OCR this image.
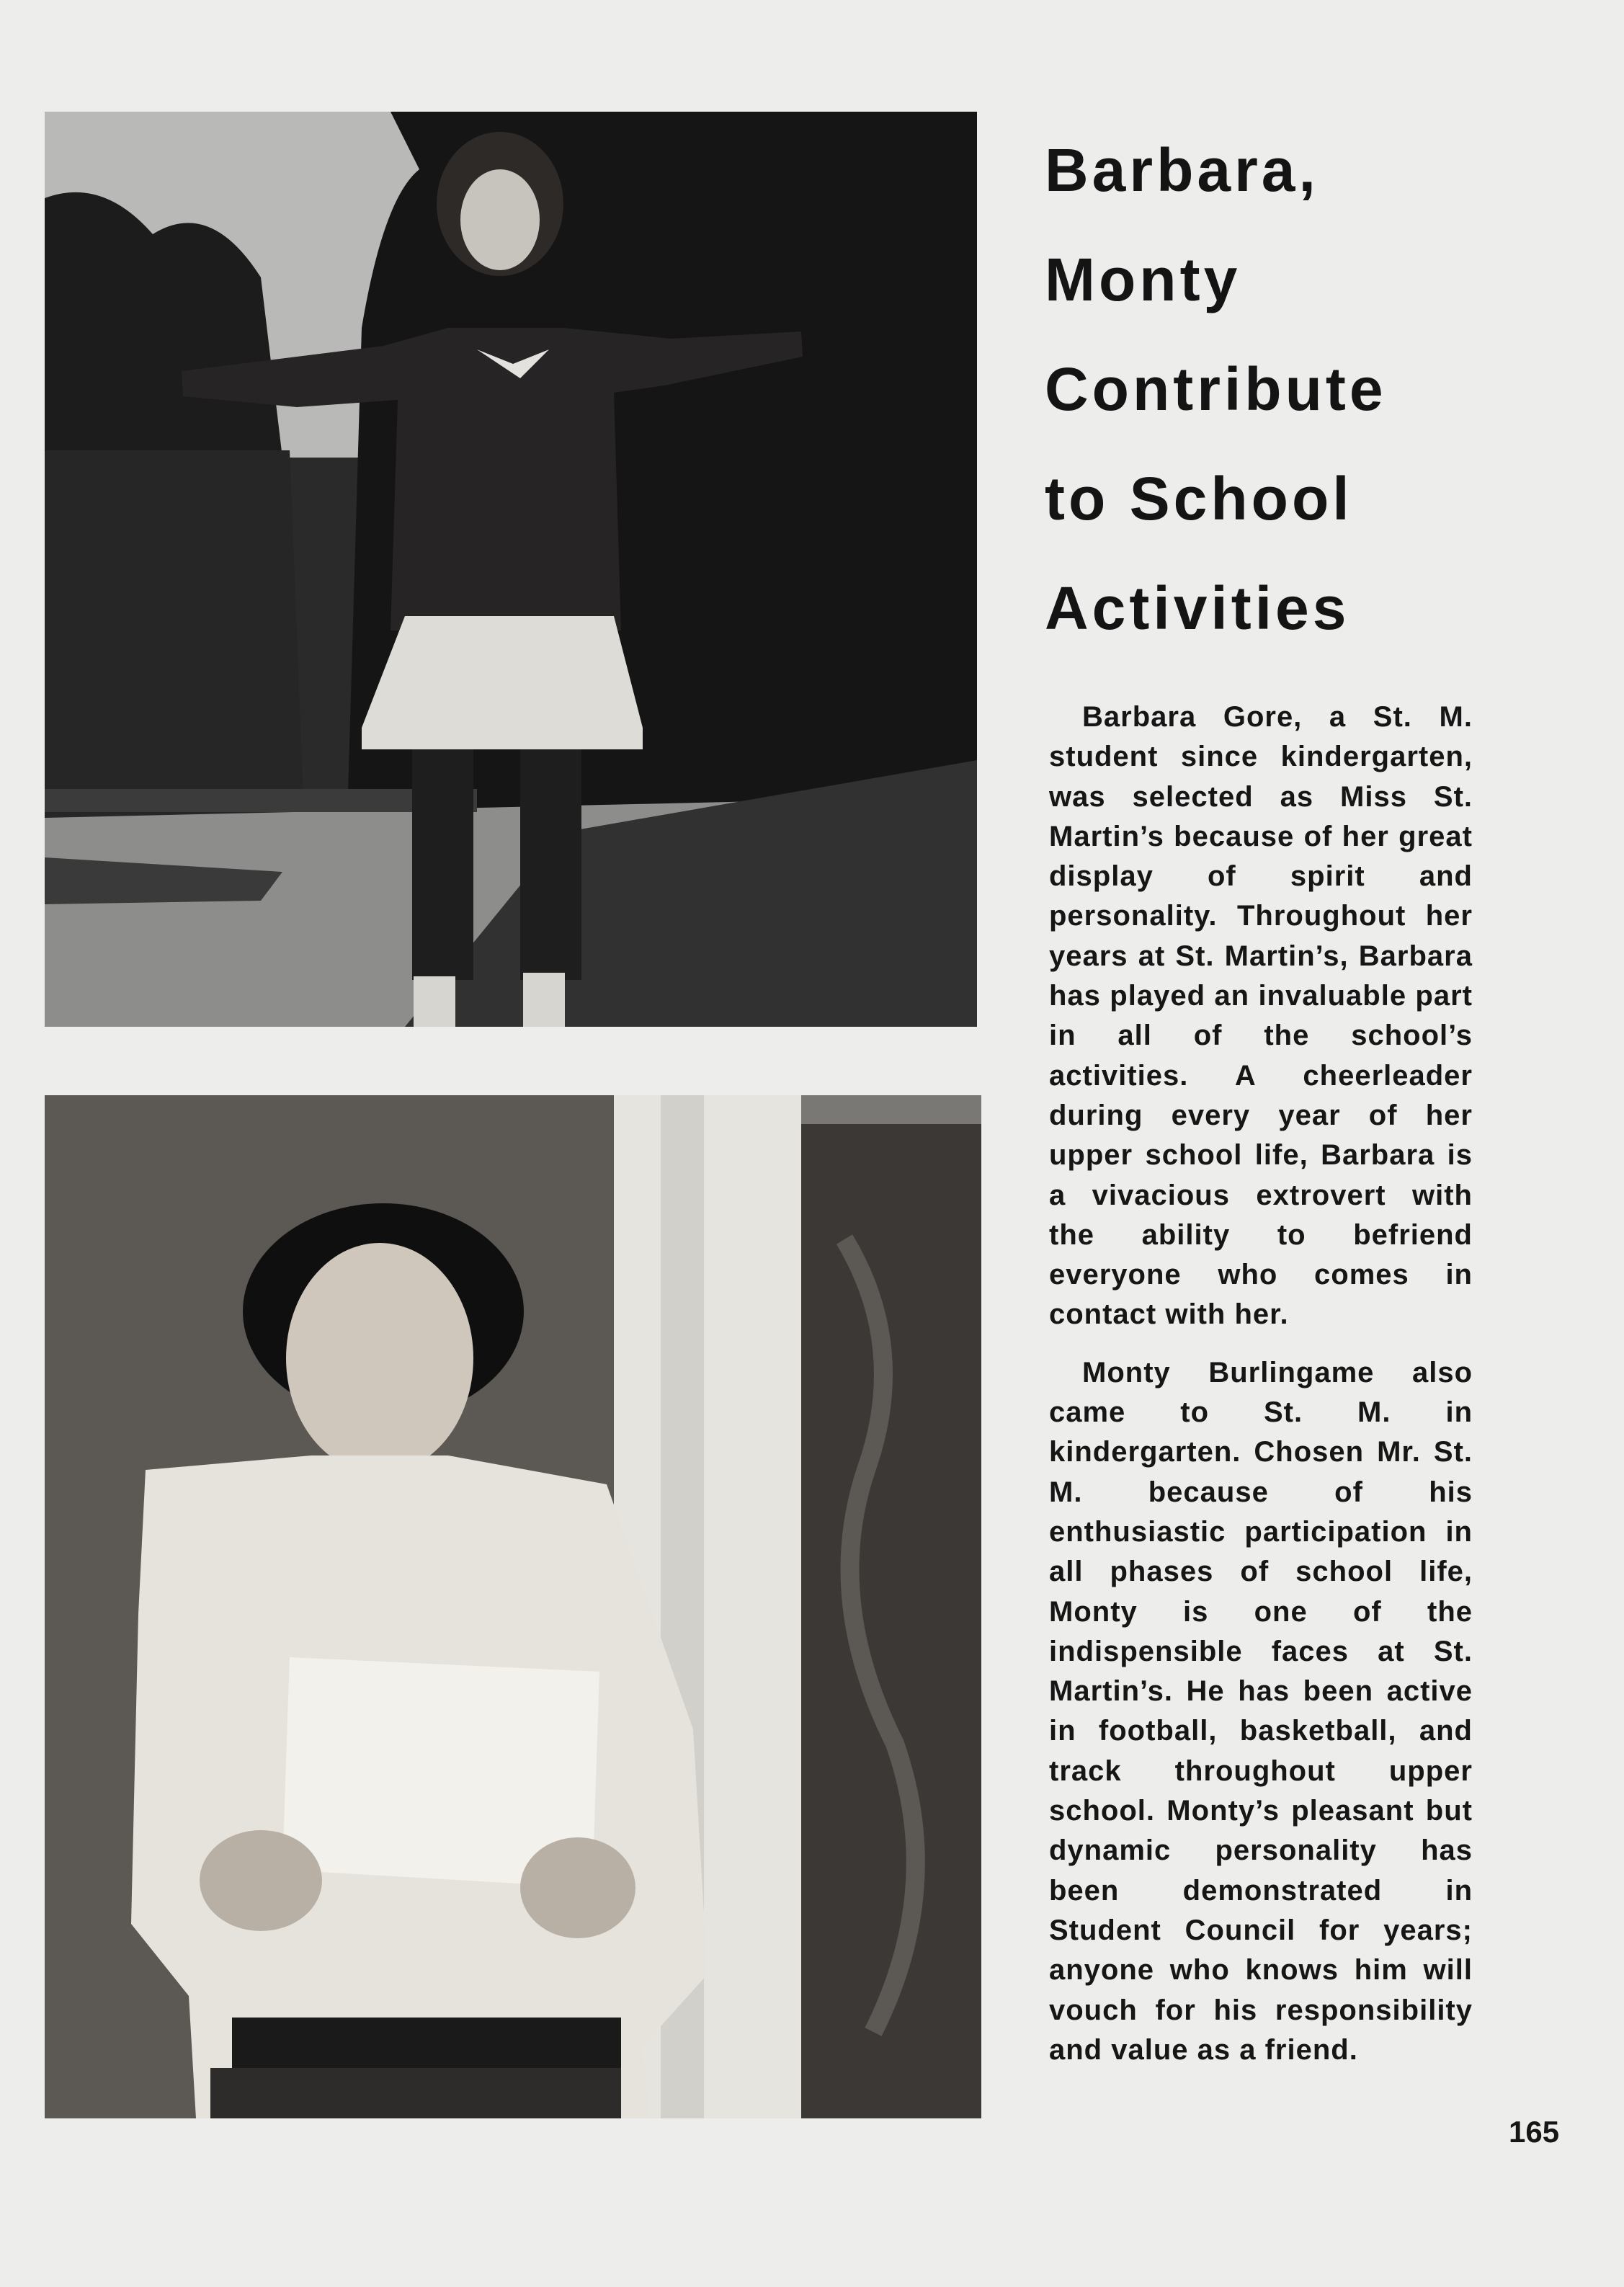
Barbara,
Monty
Contribute
to School
Activities

Barbara Gore, a St. M. student since kindergarten, was selected as Miss St. Martin’s because of her great display of spirit and personality. Throughout her years at St. Martin’s, Barbara has played an invaluable part in all of the school’s activities. A cheerleader during every year of her upper school life, Barbara is a vivacious extrovert with the ability to befriend everyone who comes in contact with her.

Monty Burlingame also came to St. M. in kindergarten. Chosen Mr. St. M. because of his enthusiastic participation in all phases of school life, Monty is one of the indispensible faces at St. Martin’s. He has been active in football, basketball, and track throughout upper school. Monty’s pleasant but dynamic personality has been demonstrated in Student Council for years; anyone who knows him will vouch for his responsibility and value as a friend.

165
